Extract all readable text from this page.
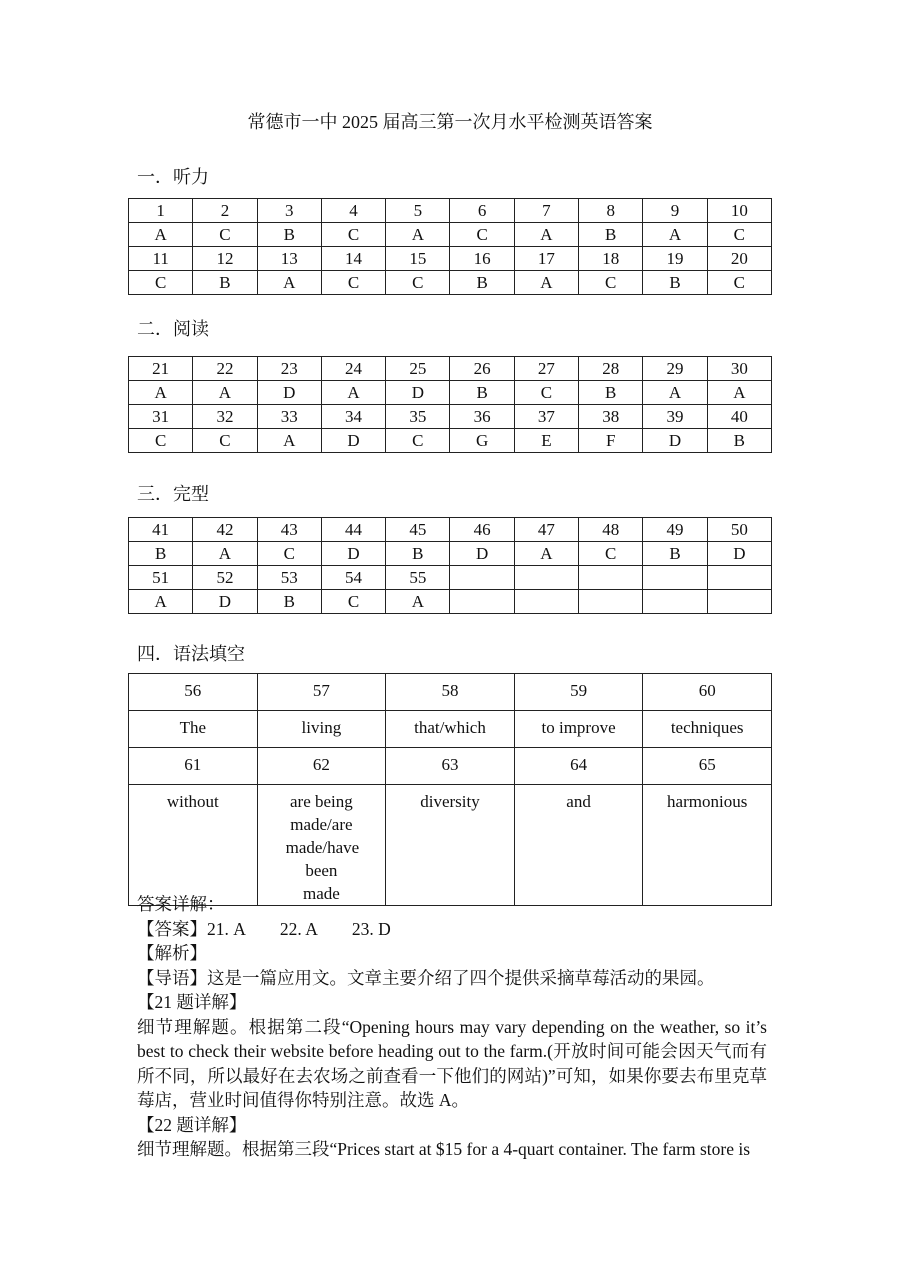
常德市一中 2025 届高三第一次月水平检测英语答案
一．听力
1	2	3	4	5	6	7	8	9	10
A	C	B	C	A	C	A	B	A	C
11	12	13	14	15	16	17	18	19	20
C	B	A	C	C	B	A	C	B	C
二．阅读
21	22	23	24	25	26	27	28	29	30
A	A	D	A	D	B	C	B	A	A
31	32	33	34	35	36	37	38	39	40
C	C	A	D	C	G	E	F	D	B
三．完型
41	42	43	44	45	46	47	48	49	50
B	A	C	D	B	D	A	C	B	D
51	52	53	54	55					
A	D	B	C	A					
四．语法填空
56	57	58	59	60
The	living	that/which	to improve	techniques
61	62	63	64	65
without	are being made/are made/have been made	diversity	and	harmonious

答案详解：

【答案】21. A　　22. A　　23. D

【解析】

【导语】这是一篇应用文。文章主要介绍了四个提供采摘草莓活动的果园。

【21 题详解】

细节理解题。根据第二段“Opening hours may vary depending on the weather, so it’s best to check their website before heading out to the farm.(开放时间可能会因天气而有所不同，所以最好在去农场之前查看一下他们的网站)”可知，如果你要去布里克草莓店，营业时间值得你特别注意。故选 A。

【22 题详解】

细节理解题。根据第三段“Prices start at $15 for a 4-quart container. The farm store is
